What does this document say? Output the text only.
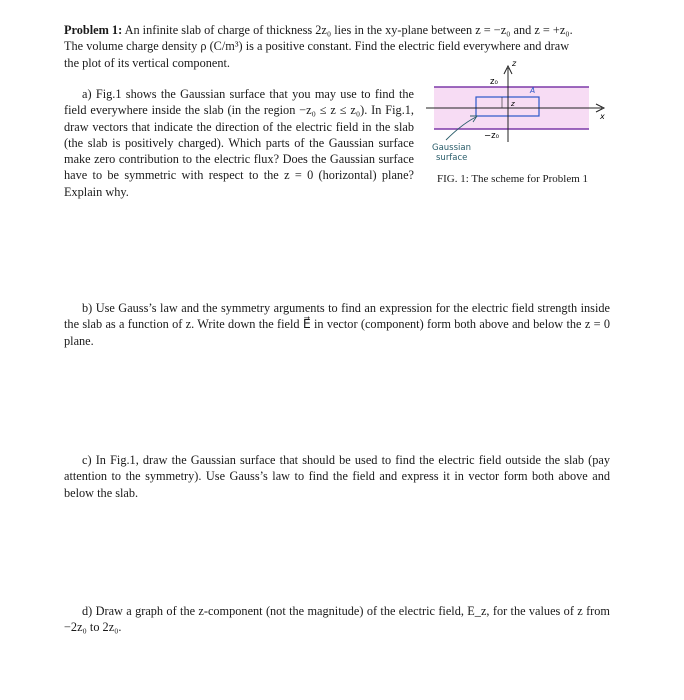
Problem 1: An infinite slab of charge of thickness 2z₀ lies in the xy-plane between z = −z₀ and z = +z₀.

The volume charge density ρ (C/m³) is a positive constant. Find the electric field everywhere and draw

the plot of its vertical component.

a) Fig.1 shows the Gaussian surface that you may use to find the field everywhere inside the slab (in the region −z₀ ≤ z ≤ z₀). In Fig.1, draw vectors that indicate the direction of the electric field in the slab (the slab is positively charged). Which parts of the Gaussian surface make zero contribution to the electric flux? Does the Gaussian surface have to be symmetric with respect to the z = 0 (horizontal) plane? Explain why.

z
x
z₀
−z₀
z
A
Gaussian
surface
FIG. 1: The scheme for Problem 1

b) Use Gauss’s law and the symmetry arguments to find an expression for the electric field strength inside the slab as a function of z. Write down the field E⃗ in vector (component) form both above and below the z = 0 plane.

c) In Fig.1, draw the Gaussian surface that should be used to find the electric field outside the slab (pay attention to the symmetry). Use Gauss’s law to find the field and express it in vector form both above and below the slab.

d) Draw a graph of the z-component (not the magnitude) of the electric field, E_z, for the values of z from −2z₀ to 2z₀.
